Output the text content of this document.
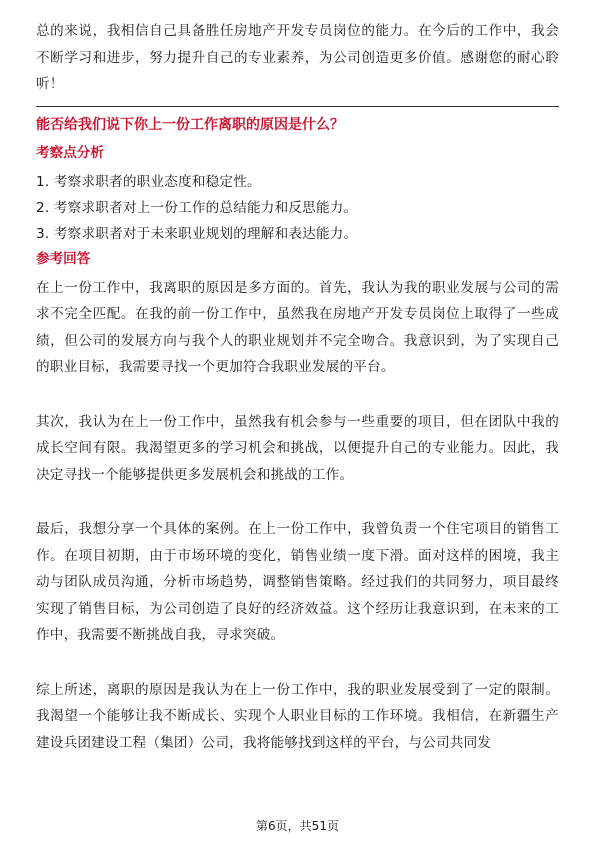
总的来说，我相信自己具备胜任房地产开发专员岗位的能力。在今后的工作中，我会不断学习和进步，努力提升自己的专业素养，为公司创造更多价值。感谢您的耐心聆听！

能否给我们说下你上一份工作离职的原因是什么？
考察点分析
1. 考察求职者的职业态度和稳定性。
2. 考察求职者对上一份工作的总结能力和反思能力。
3. 考察求职者对于未来职业规划的理解和表达能力。
参考回答

在上一份工作中，我离职的原因是多方面的。首先，我认为我的职业发展与公司的需求不完全匹配。在我的前一份工作中，虽然我在房地产开发专员岗位上取得了一些成绩，但公司的发展方向与我个人的职业规划并不完全吻合。我意识到，为了实现自己的职业目标，我需要寻找一个更加符合我职业发展的平台。

其次，我认为在上一份工作中，虽然我有机会参与一些重要的项目，但在团队中我的成长空间有限。我渴望更多的学习机会和挑战，以便提升自己的专业能力。因此，我决定寻找一个能够提供更多发展机会和挑战的工作。

最后，我想分享一个具体的案例。在上一份工作中，我曾负责一个住宅项目的销售工作。在项目初期，由于市场环境的变化，销售业绩一度下滑。面对这样的困境，我主动与团队成员沟通，分析市场趋势，调整销售策略。经过我们的共同努力，项目最终实现了销售目标，为公司创造了良好的经济效益。这个经历让我意识到，在未来的工作中，我需要不断挑战自我，寻求突破。

综上所述，离职的原因是我认为在上一份工作中，我的职业发展受到了一定的限制。我渴望一个能够让我不断成长、实现个人职业目标的工作环境。我相信，在新疆生产建设兵团建设工程（集团）公司，我将能够找到这样的平台，与公司共同发

第6页，共51页
